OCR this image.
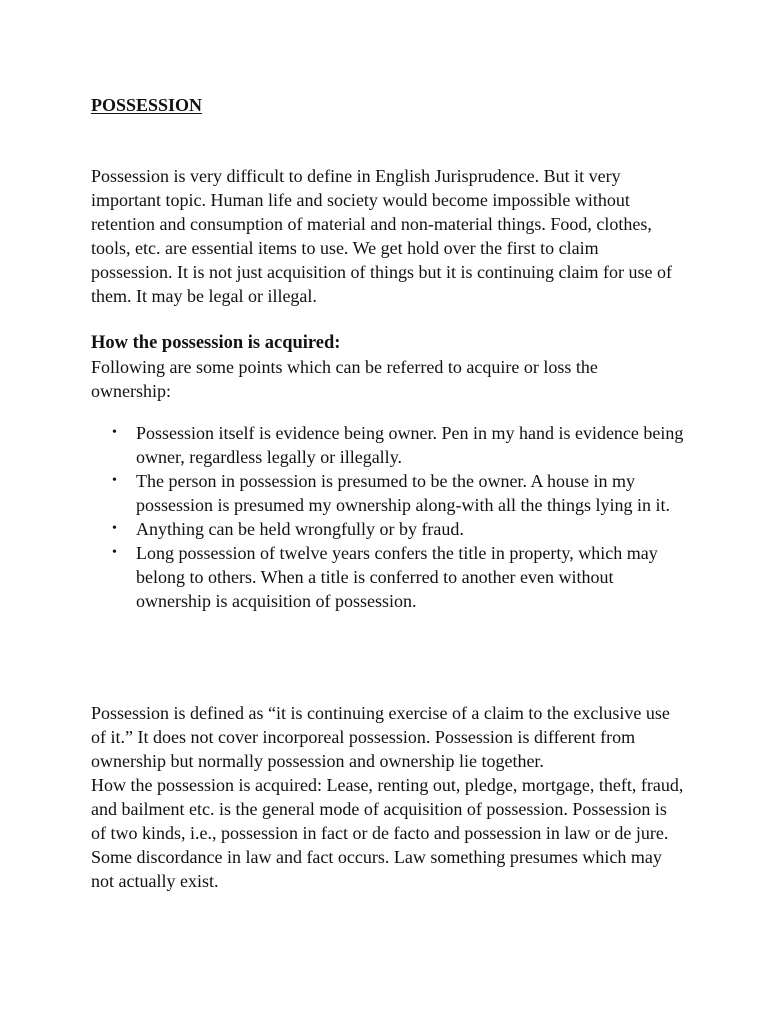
POSSESSION

Possession is very difficult to define in English Jurisprudence. But it very important topic. Human life and society would become impossible without retention and consumption of material and non-material things. Food, clothes, tools, etc. are essential items to use. We get hold over the first to claim possession. It is not just acquisition of things but it is continuing claim for use of them. It may be legal or illegal.

How the possession is acquired:

Following are some points which can be referred to acquire or loss the ownership:

• Possession itself is evidence being owner. Pen in my hand is evidence being owner, regardless legally or illegally.
• The person in possession is presumed to be the owner. A house in my possession is presumed my ownership along-with all the things lying in it.
• Anything can be held wrongfully or by fraud.
• Long possession of twelve years confers the title in property, which may belong to others. When a title is conferred to another even without ownership is acquisition of possession.
Possession is defined as “it is continuing exercise of a claim to the exclusive use of it.” It does not cover incorporeal possession. Possession is different from ownership but normally possession and ownership lie together.
How the possession is acquired: Lease, renting out, pledge, mortgage, theft, fraud, and bailment etc. is the general mode of acquisition of possession. Possession is of two kinds, i.e., possession in fact or de facto and possession in law or de jure. Some discordance in law and fact occurs. Law something presumes which may not actually exist.
